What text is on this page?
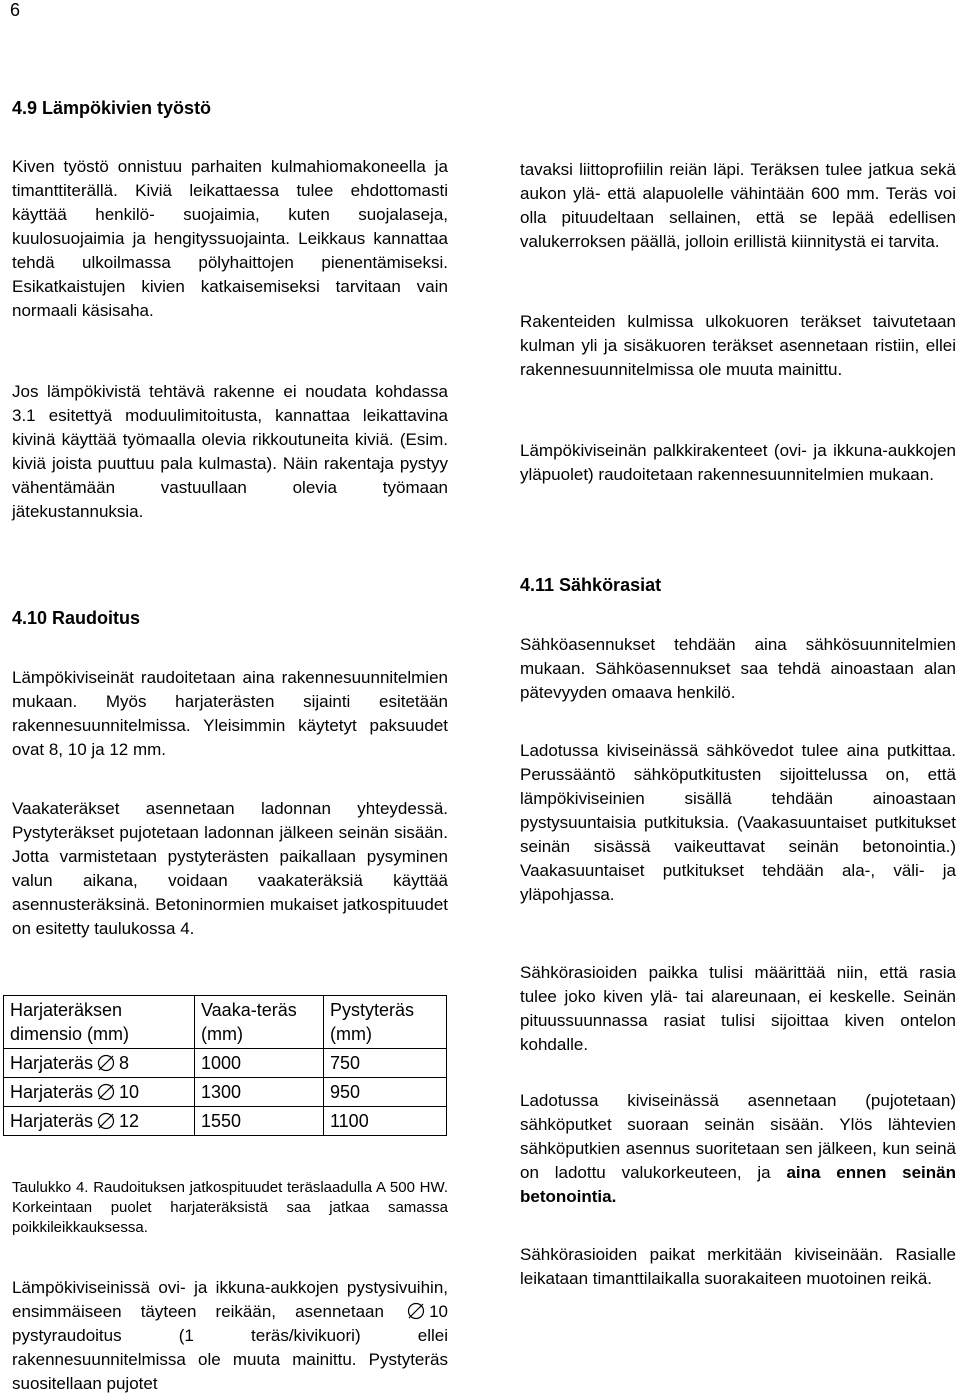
6
4.9 Lämpökivien työstö

Kiven työstö onnistuu parhaiten kulmahiomakoneella ja timanttiterällä. Kiviä leikattaessa tulee ehdottomasti käyttää henkilö- suojaimia, kuten suojalaseja, kuulosuojaimia ja hengityssuojainta. Leikkaus kannattaa tehdä ulkoilmassa pölyhaittojen pienentämiseksi. Esikatkaistujen kivien katkaisemiseksi tarvitaan vain normaali käsisaha.

Jos lämpökivistä tehtävä rakenne ei noudata kohdassa 3.1 esitettyä moduulimitoitusta, kannattaa leikattavina kivinä käyttää työmaalla olevia rikkoutuneita kiviä. (Esim. kiviä joista puuttuu pala kulmasta). Näin rakentaja pystyy vähentämään vastuullaan olevia työmaan jätekustannuksia.

4.10 Raudoitus

Lämpökiviseinät raudoitetaan aina rakennesuunnitelmien mukaan. Myös harjaterästen sijainti esitetään rakennesuunnitelmissa. Yleisimmin käytetyt paksuudet ovat 8, 10 ja 12 mm.

Vaakateräkset asennetaan ladonnan yhteydessä. Pystyteräkset pujotetaan ladonnan jälkeen seinän sisään. Jotta varmistetaan pystyterästen paikallaan pysyminen valun aikana, voidaan vaakateräksiä käyttää asennusteräksinä. Betoninormien mukaiset jatkospituudet on esitetty taulukossa 4.

Harjateräksen dimensio (mm)	Vaaka-teräs (mm)	Pystyteräs (mm)
Harjateräs 8	1000	750
Harjateräs 10	1300	950
Harjateräs 12	1550	1100
Taulukko 4. Raudoituksen jatkospituudet teräslaadulla A 500 HW. Korkeintaan puolet harjateräksistä saa jatkaa samassa poikkileikkauksessa.

Lämpökiviseinissä ovi- ja ikkuna-aukkojen pystysivuihin, ensimmäiseen täyteen reikään, asennetaan	10 pystyraudoitus (1 teräs/kivikuori) ellei rakennesuunnitelmissa ole muuta mainittu. Pystyteräs suositellaan pujotet

tavaksi liittoprofiilin reiän läpi. Teräksen tulee jatkua sekä aukon ylä- että alapuolelle vähintään 600 mm. Teräs voi olla pituudeltaan sellainen, että se lepää edellisen valukerroksen päällä, jolloin erillistä kiinnitystä ei tarvita.

Rakenteiden kulmissa ulkokuoren teräkset taivutetaan kulman yli ja sisäkuoren teräkset asennetaan ristiin, ellei rakennesuunnitelmissa ole muuta mainittu.

Lämpökiviseinän palkkirakenteet (ovi- ja ikkuna-aukkojen yläpuolet) raudoitetaan rakennesuunnitelmien mukaan.

4.11 Sähkörasiat

Sähköasennukset tehdään aina sähkösuunnitelmien mukaan. Sähköasennukset saa tehdä ainoastaan alan pätevyyden omaava henkilö.

Ladotussa kiviseinässä sähkövedot tulee aina putkittaa. Perussääntö sähköputkitusten sijoittelussa on, että lämpökiviseinien sisällä tehdään ainoastaan pystysuuntaisia putkituksia. (Vaakasuuntaiset putkitukset seinän sisässä vaikeuttavat seinän betonointia.) Vaakasuuntaiset putkitukset tehdään ala-, väli- ja yläpohjassa.

Sähkörasioiden paikka tulisi määrittää niin, että rasia tulee joko kiven ylä- tai alareunaan, ei keskelle. Seinän pituussuunnassa rasiat tulisi sijoittaa kiven ontelon kohdalle.

Ladotussa kiviseinässä asennetaan (pujotetaan) sähköputket suoraan seinän sisään. Ylös lähtevien sähköputkien asennus suoritetaan sen jälkeen, kun seinä on ladottu valukorkeuteen, ja aina ennen seinän betonointia.

Sähkörasioiden paikat merkitään kiviseinään. Rasialle leikataan timanttilaikalla suorakaiteen muotoinen reikä.
